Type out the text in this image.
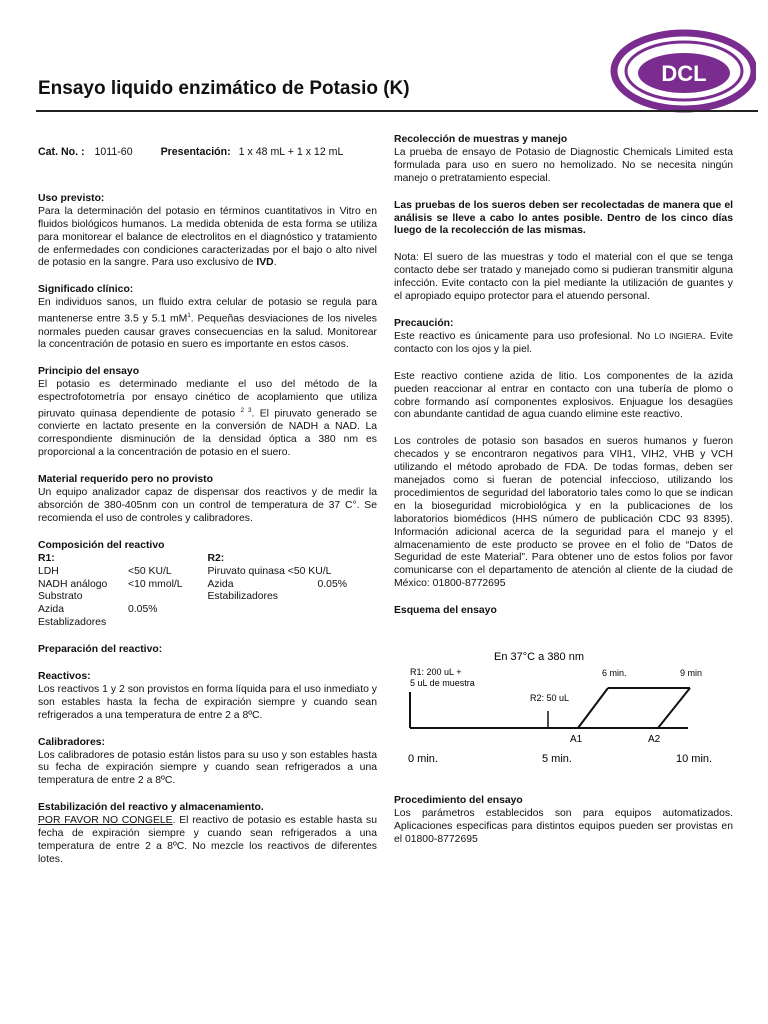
DCL
Ensayo liquido enzimático de Potasio (K)
Cat. No. : 1011-60	Presentación: 1 x 48 mL + 1 x 12 mL

Uso previsto:

Para la determinación del potasio en términos cuantitativos in Vitro en fluidos biológicos humanos. La medida obtenida de esta forma se utiliza para monitorear el balance de electrolitos en el diagnóstico y tratamiento de enfermedades con condiciones caracterizadas por el bajo o alto nivel de potasio en la sangre. Para uso exclusivo de IVD.

Significado clínico:

En individuos sanos, un fluido extra celular de potasio se regula para mantenerse entre 3.5 y 5.1 $mM^1$. Pequeñas desviaciones de los niveles normales pueden causar graves consecuencias en la salud. Monitorear la concentración de potasio en suero es importante en estos casos.

Principio del ensayo

El potasio es determinado mediante el uso del método de la espectrofotometría por ensayo cinético de acoplamiento que utiliza piruvato quinasa dependiente de potasio $^{2 3}$. El piruvato generado se convierte en lactato presente en la conversión de NADH a NAD. La correspondiente disminución de la densidad óptica a 380 nm es proporcional a la concentración de potasio en el suero.

Material requerido pero no provisto

Un equipo analizador capaz de dispensar dos reactivos y de medir la absorción de 380-405nm con un control de temperatura de 37 C°. Se recomienda el uso de controles y calibradores.

Composición del reactivo

R1:
LDH	<50 KU/L
NADH análogo	<10 mmol/L
Substrato
Azida	0.05%
Establizadores
R2:
Piruvato quinasa <50 KU/L
Azida	0.05%
Estabilizadores

Preparación del reactivo:

Reactivos:

Los reactivos 1 y 2 son provistos en forma líquida para el uso inmediato y son estables hasta la fecha de expiración siempre y cuando sean refrigerados a una temperatura de entre 2 a 8ºC.

Calibradores:

Los calibradores de potasio están listos para su uso y son estables hasta su fecha de expiración siempre y cuando sean refrigerados a una temperatura de entre 2 a 8ºC.

Estabilización del reactivo y almacenamiento.

POR FAVOR NO CONGELE. El reactivo de potasio es estable hasta su fecha de expiración siempre y cuando sean refrigerados a una temperatura de entre 2 a 8ºC. No mezcle los reactivos de diferentes lotes.

Recolección de muestras y manejo

La prueba de ensayo de Potasio de Diagnostic Chemicals Limited esta formulada para uso en suero no hemolizado. No se necesita ningún manejo o pretratamiento especial.

Las pruebas de los sueros deben ser recolectadas de manera que el análisis se lleve a cabo lo antes posible. Dentro de los cinco días luego de la recolección de las mismas.

Nota: El suero de las muestras y todo el material con el que se tenga contacto debe ser tratado y manejado como si pudieran transmitir alguna infección. Evite contacto con la piel mediante la utilización de guantes y el apropiado equipo protector para el atuendo personal.

Precaución:

Este reactivo es únicamente para uso profesional. No LO INGIERA. Evite contacto con los ojos y la piel.

Este reactivo contiene azida de litio. Los componentes de la azida pueden reaccionar al entrar en contacto con una tubería de plomo o cobre formando así componentes explosivos. Enjuague los desagües con abundante cantidad de agua cuando elimine este reactivo.

Los controles de potasio son basados en sueros humanos y fueron checados y se encontraron negativos para VIH1, VIH2, VHB y VCH utilizando el método aprobado de FDA. De todas formas, deben ser manejados como si fueran de potencial infeccioso, utilizando los procedimientos de seguridad del laboratorio tales como lo que se indican en la bioseguridad microbiológica y en la publicaciones de los laboratorios biomédicos (HHS número de publicación CDC 93 8395). Información adicional acerca de la seguridad para el manejo y el almacenamiento de este producto se provee en el folio de “Datos de Seguridad de este Material”. Para obtener uno de estos folios por favor comunicarse con el departamento de atención al cliente de la ciudad de México: 01800-8772695

Esquema del ensayo

En 37°C a 380 nm
R1: 200 uL +
5 uL de muestra
6 min.	9 min
R2: 50 uL
A1	A2
0 min.	5 min.	10 min.

Procedimiento del ensayo

Los parámetros establecidos son para equipos automatizados. Aplicaciones especificas para distintos equipos pueden ser provistas en el 01800-8772695
